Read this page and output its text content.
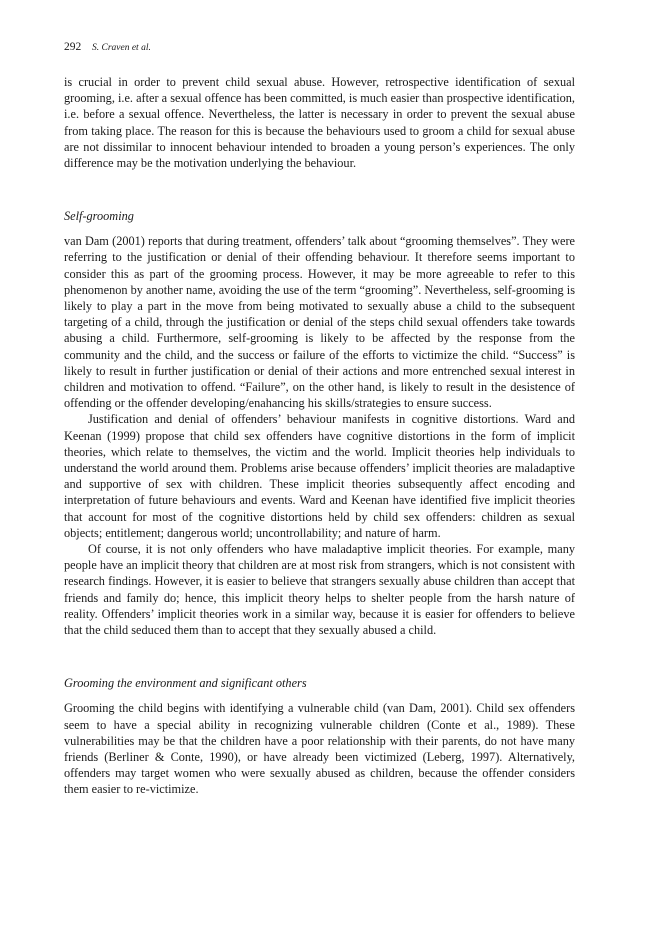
292 S. Craven et al.

is crucial in order to prevent child sexual abuse. However, retrospective identification of sexual grooming, i.e. after a sexual offence has been committed, is much easier than prospective identification, i.e. before a sexual offence. Nevertheless, the latter is necessary in order to prevent the sexual abuse from taking place. The reason for this is because the behaviours used to groom a child for sexual abuse are not dissimilar to innocent behaviour intended to broaden a young person’s experiences. The only difference may be the motivation underlying the behaviour.

Self-grooming

van Dam (2001) reports that during treatment, offenders’ talk about “grooming themselves”. They were referring to the justification or denial of their offending behaviour. It therefore seems important to consider this as part of the grooming process. However, it may be more agreeable to refer to this phenomenon by another name, avoiding the use of the term “grooming”. Nevertheless, self-grooming is likely to play a part in the move from being motivated to sexually abuse a child to the subsequent targeting of a child, through the justification or denial of the steps child sexual offenders take towards abusing a child. Furthermore, self-grooming is likely to be affected by the response from the community and the child, and the success or failure of the efforts to victimize the child. “Success” is likely to result in further justification or denial of their actions and more entrenched sexual interest in children and motivation to offend. “Failure”, on the other hand, is likely to result in the desistence of offending or the offender developing/enahancing his skills/strategies to ensure success.

Justification and denial of offenders’ behaviour manifests in cognitive distortions. Ward and Keenan (1999) propose that child sex offenders have cognitive distortions in the form of implicit theories, which relate to themselves, the victim and the world. Implicit theories help individuals to understand the world around them. Problems arise because offenders’ implicit theories are maladaptive and supportive of sex with children. These implicit theories subsequently affect encoding and interpretation of future behaviours and events. Ward and Keenan have identified five implicit theories that account for most of the cognitive distortions held by child sex offenders: children as sexual objects; entitlement; dangerous world; uncontrollability; and nature of harm.

Of course, it is not only offenders who have maladaptive implicit theories. For example, many people have an implicit theory that children are at most risk from strangers, which is not consistent with research findings. However, it is easier to believe that strangers sexually abuse children than accept that friends and family do; hence, this implicit theory helps to shelter people from the harsh nature of reality. Offenders’ implicit theories work in a similar way, because it is easier for offenders to believe that the child seduced them than to accept that they sexually abused a child.

Grooming the environment and significant others

Grooming the child begins with identifying a vulnerable child (van Dam, 2001). Child sex offenders seem to have a special ability in recognizing vulnerable children (Conte et al., 1989). These vulnerabilities may be that the children have a poor relationship with their parents, do not have many friends (Berliner & Conte, 1990), or have already been victimized (Leberg, 1997). Alternatively, offenders may target women who were sexually abused as children, because the offender considers them easier to re-victimize.
